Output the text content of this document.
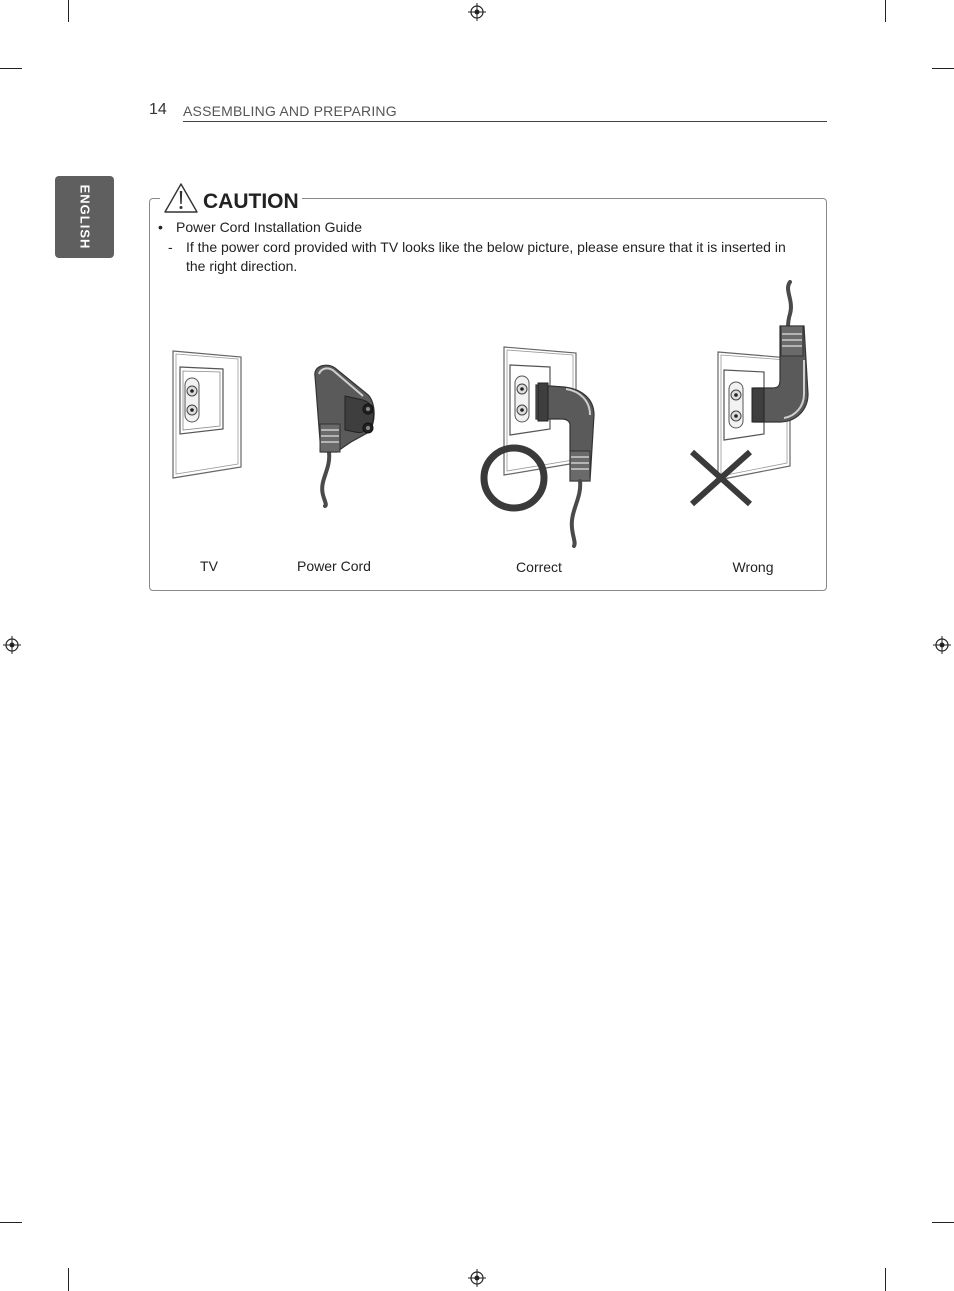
14 ASSEMBLING AND PREPARING
ENGLISH	CAUTION
• Power Cord Installation Guide
- If the power cord provided with TV looks like the below picture, please ensure that it is inserted in the right direction.
TV	Power Cord	Correct	Wrong
